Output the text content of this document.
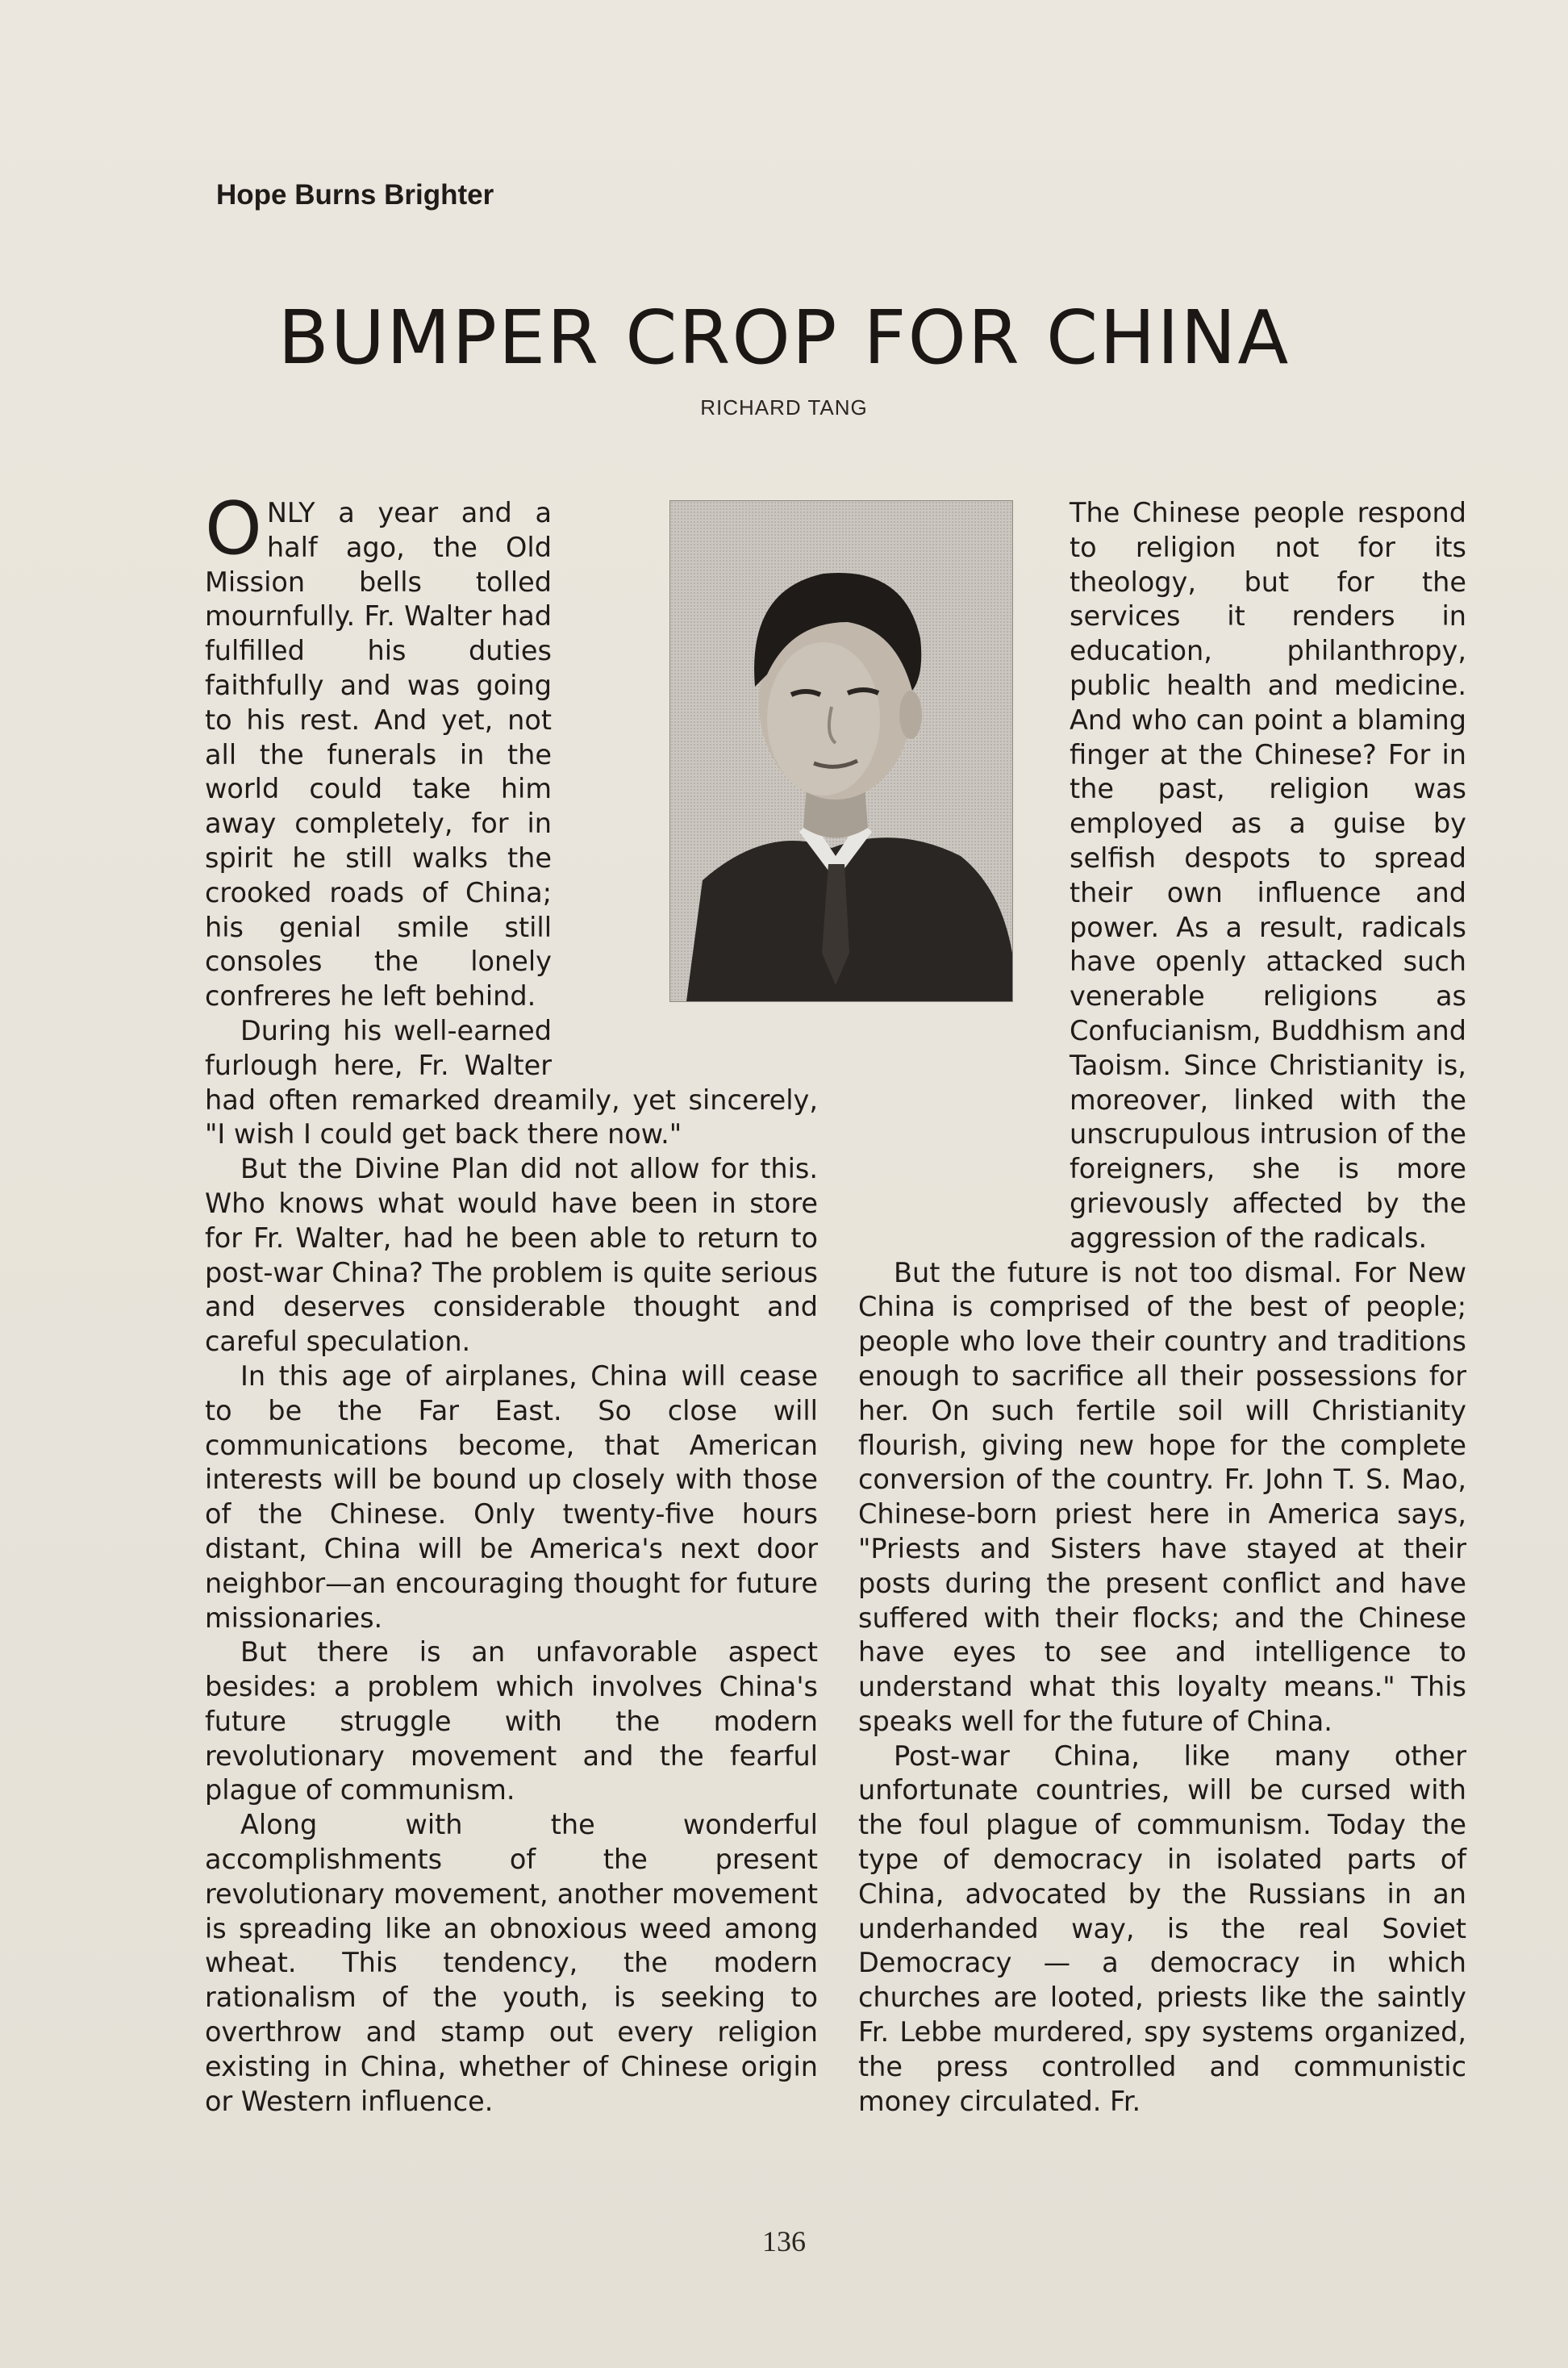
Hope Burns Brighter
BUMPER CROP FOR CHINA
RICHARD TANG

ONLY a year and a half ago, the Old Mission bells tolled mournfully. Fr. Walter had fulfilled his duties faithfully and was going to his rest. And yet, not all the funerals in the world could take him away completely, for in spirit he still walks the crooked roads of China; his genial smile still consoles the lonely confreres he left behind.

During his well-earned furlough here, Fr. Walter had often remarked dreamily, yet sincerely, "I wish I could get back there now."

But the Divine Plan did not allow for this. Who knows what would have been in store for Fr. Walter, had he been able to return to post-war China? The problem is quite serious and deserves considerable thought and careful speculation.

In this age of airplanes, China will cease to be the Far East. So close will communications become, that American interests will be bound up closely with those of the Chinese. Only twenty-five hours distant, China will be America's next door neighbor—an encouraging thought for future missionaries.

But there is an unfavorable aspect besides: a problem which involves China's future struggle with the modern revolutionary movement and the fearful plague of communism.

Along with the wonderful accomplishments of the present revolutionary movement, another movement is spreading like an obnoxious weed among wheat. This tendency, the modern rationalism of the youth, is seeking to overthrow and stamp out every religion existing in China, whether of Chinese origin or Western influence.

The Chinese people respond to religion not for its theology, but for the services it renders in education, philanthropy, public health and medicine. And who can point a blaming finger at the Chinese? For in the past, religion was employed as a guise by selfish despots to spread their own influence and power. As a result, radicals have openly attacked such venerable religions as Confucianism, Buddhism and Taoism. Since Christianity is, moreover, linked with the unscrupulous intrusion of the foreigners, she is more grievously affected by the aggression of the radicals.

But the future is not too dismal. For New China is comprised of the best of people; people who love their country and traditions enough to sacrifice all their possessions for her. On such fertile soil will Christianity flourish, giving new hope for the complete conversion of the country. Fr. John T. S. Mao, Chinese-born priest here in America says, "Priests and Sisters have stayed at their posts during the present conflict and have suffered with their flocks; and the Chinese have eyes to see and intelligence to understand what this loyalty means." This speaks well for the future of China.

Post-war China, like many other unfortunate countries, will be cursed with the foul plague of communism. Today the type of democracy in isolated parts of China, advocated by the Russians in an underhanded way, is the real Soviet Democracy — a democracy in which churches are looted, priests like the saintly Fr. Lebbe murdered, spy systems organized, the press controlled and communistic money circulated. Fr.

136
